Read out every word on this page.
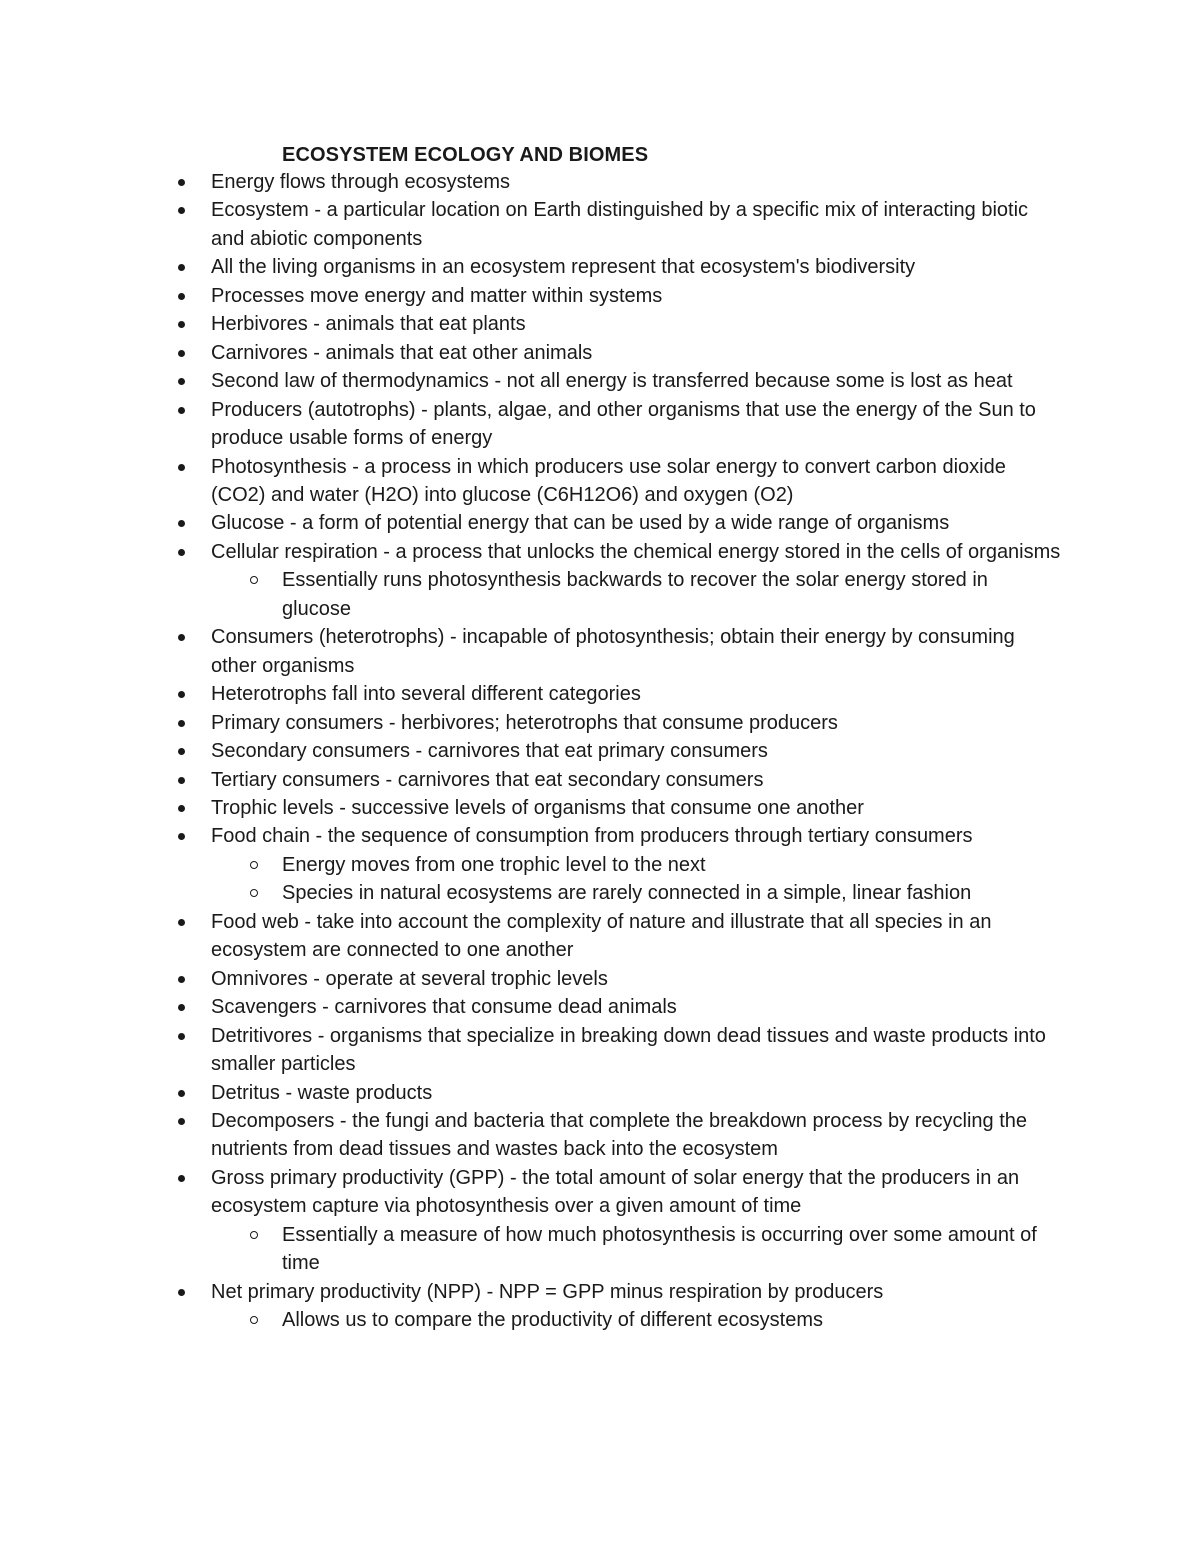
ECOSYSTEM ECOLOGY AND BIOMES
Energy flows through ecosystems
Ecosystem - a particular location on Earth distinguished by a specific mix of interacting biotic and abiotic components
All the living organisms in an ecosystem represent that ecosystem's biodiversity
Processes move energy and matter within systems
Herbivores - animals that eat plants
Carnivores - animals that eat other animals
Second law of thermodynamics - not all energy is transferred because some is lost as heat
Producers (autotrophs) - plants, algae, and other organisms that use the energy of the Sun to produce usable forms of energy
Photosynthesis - a process in which producers use solar energy to convert carbon dioxide (CO2) and water (H2O) into glucose (C6H12O6) and oxygen (O2)
Glucose - a form of potential energy that can be used by a wide range of organisms
Cellular respiration - a process that unlocks the chemical energy stored in the cells of organisms
Essentially runs photosynthesis backwards to recover the solar energy stored in glucose
Consumers (heterotrophs) - incapable of photosynthesis; obtain their energy by consuming other organisms
Heterotrophs fall into several different categories
Primary consumers - herbivores; heterotrophs that consume producers
Secondary consumers - carnivores that eat primary consumers
Tertiary consumers - carnivores that eat secondary consumers
Trophic levels - successive levels of organisms that consume one another
Food chain - the sequence of consumption from producers through tertiary consumers
Energy moves from one trophic level to the next
Species in natural ecosystems are rarely connected in a simple, linear fashion
Food web - take into account the complexity of nature and illustrate that all species in an ecosystem are connected to one another
Omnivores - operate at several trophic levels
Scavengers - carnivores that consume dead animals
Detritivores - organisms that specialize in breaking down dead tissues and waste products into smaller particles
Detritus - waste products
Decomposers - the fungi and bacteria that complete the breakdown process by recycling the nutrients from dead tissues and wastes back into the ecosystem
Gross primary productivity (GPP) - the total amount of solar energy that the producers in an ecosystem capture via photosynthesis over a given amount of time
Essentially a measure of how much photosynthesis is occurring over some amount of time
Net primary productivity (NPP) - NPP = GPP minus respiration by producers
Allows us to compare the productivity of different ecosystems
